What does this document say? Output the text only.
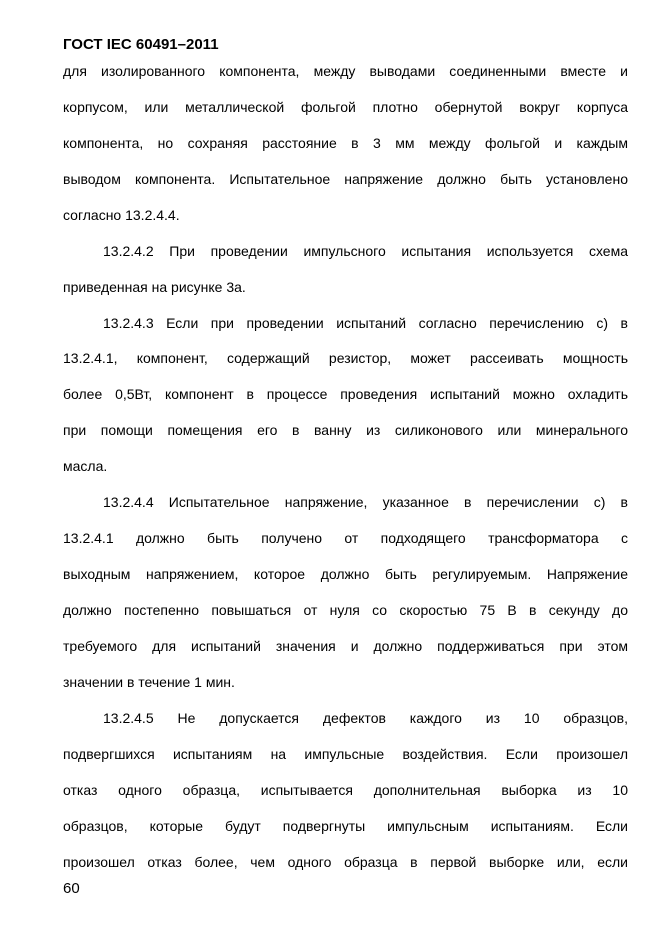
ГОСТ IEC 60491–2011
для изолированного компонента, между выводами соединенными вместе и
корпусом, или металлической фольгой плотно обернутой вокруг корпуса
компонента, но сохраняя расстояние в 3 мм между фольгой и каждым
выводом компонента. Испытательное напряжение должно быть установлено
согласно 13.2.4.4.
13.2.4.2 При проведении импульсного испытания используется схема
приведенная на рисунке 3а.
13.2.4.3 Если при проведении испытаний согласно перечислению с) в
13.2.4.1, компонент, содержащий резистор, может рассеивать мощность
более 0,5Вт, компонент в процессе проведения испытаний можно охладить
при помощи помещения его в ванну из силиконового или минерального
масла.
13.2.4.4 Испытательное напряжение, указанное в перечислении с) в
13.2.4.1 должно быть получено от подходящего трансформатора с
выходным напряжением, которое должно быть регулируемым. Напряжение
должно постепенно повышаться от нуля со скоростью 75 В в секунду до
требуемого для испытаний значения и должно поддерживаться при этом
значении в течение 1 мин.
13.2.4.5 Не допускается дефектов каждого из 10 образцов,
подвергшихся испытаниям на импульсные воздействия. Если произошел
отказ одного образца, испытывается дополнительная выборка из 10
образцов, которые будут подвергнуты импульсным испытаниям. Если
произошел отказ более, чем одного образца в первой выборке или, если
60
